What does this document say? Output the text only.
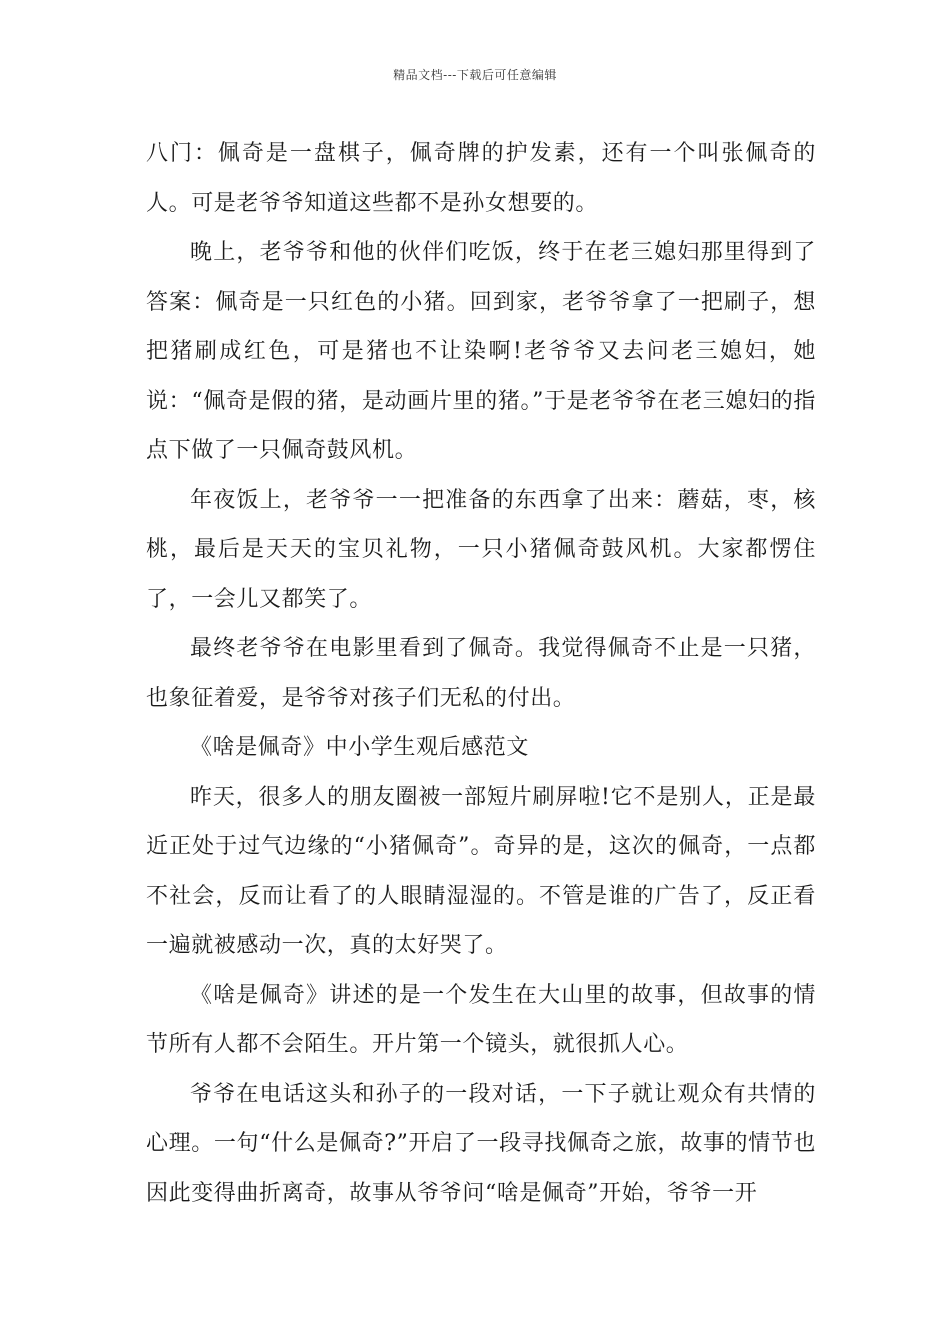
精品文档---下载后可任意编辑

八门：佩奇是一盘棋子，佩奇牌的护发素，还有一个叫张佩奇的人。可是老爷爷知道这些都不是孙女想要的。

晚上，老爷爷和他的伙伴们吃饭，终于在老三媳妇那里得到了答案：佩奇是一只红色的小猪。回到家，老爷爷拿了一把刷子，想把猪刷成红色，可是猪也不让染啊!老爷爷又去问老三媳妇，她说：“佩奇是假的猪，是动画片里的猪。”于是老爷爷在老三媳妇的指点下做了一只佩奇鼓风机。

年夜饭上，老爷爷一一把准备的东西拿了出来：蘑菇，枣，核桃，最后是天天的宝贝礼物，一只小猪佩奇鼓风机。大家都愣住了，一会儿又都笑了。

最终老爷爷在电影里看到了佩奇。我觉得佩奇不止是一只猪，也象征着爱，是爷爷对孩子们无私的付出。

《啥是佩奇》中小学生观后感范文

昨天，很多人的朋友圈被一部短片刷屏啦!它不是别人，正是最近正处于过气边缘的“小猪佩奇”。奇异的是，这次的佩奇，一点都不社会，反而让看了的人眼睛湿湿的。不管是谁的广告了，反正看一遍就被感动一次，真的太好哭了。

《啥是佩奇》讲述的是一个发生在大山里的故事，但故事的情节所有人都不会陌生。开片第一个镜头，就很抓人心。

爷爷在电话这头和孙子的一段对话，一下子就让观众有共情的心理。一句“什么是佩奇?”开启了一段寻找佩奇之旅，故事的情节也因此变得曲折离奇，故事从爷爷问“啥是佩奇”开始，爷爷一开
